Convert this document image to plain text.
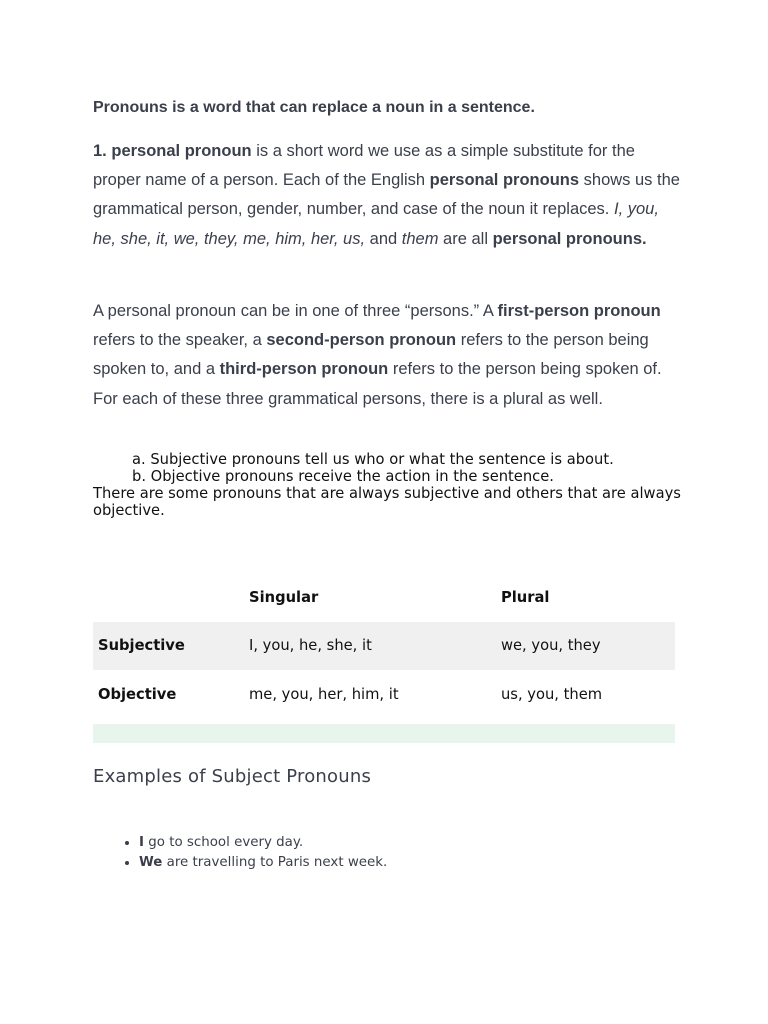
Pronouns is a word that can replace a noun in a sentence.
1. personal pronoun is a short word we use as a simple substitute for the proper name of a person. Each of the English personal pronouns shows us the grammatical person, gender, number, and case of the noun it replaces. I, you, he, she, it, we, they, me, him, her, us, and them are all personal pronouns.
A personal pronoun can be in one of three “persons.” A first-person pronoun refers to the speaker, a second-person pronoun refers to the person being spoken to, and a third-person pronoun refers to the person being spoken of. For each of these three grammatical persons, there is a plural as well.
a. Subjective pronouns tell us who or what the sentence is about.
b. Objective pronouns receive the action in the sentence.
There are some pronouns that are always subjective and others that are always objective.
	Singular	Plural
Subjective	I, you, he, she, it	we, you, they
Objective	me, you, her, him, it	us, you, them
Examples of Subject Pronouns
• I go to school every day.
• We are travelling to Paris next week.
